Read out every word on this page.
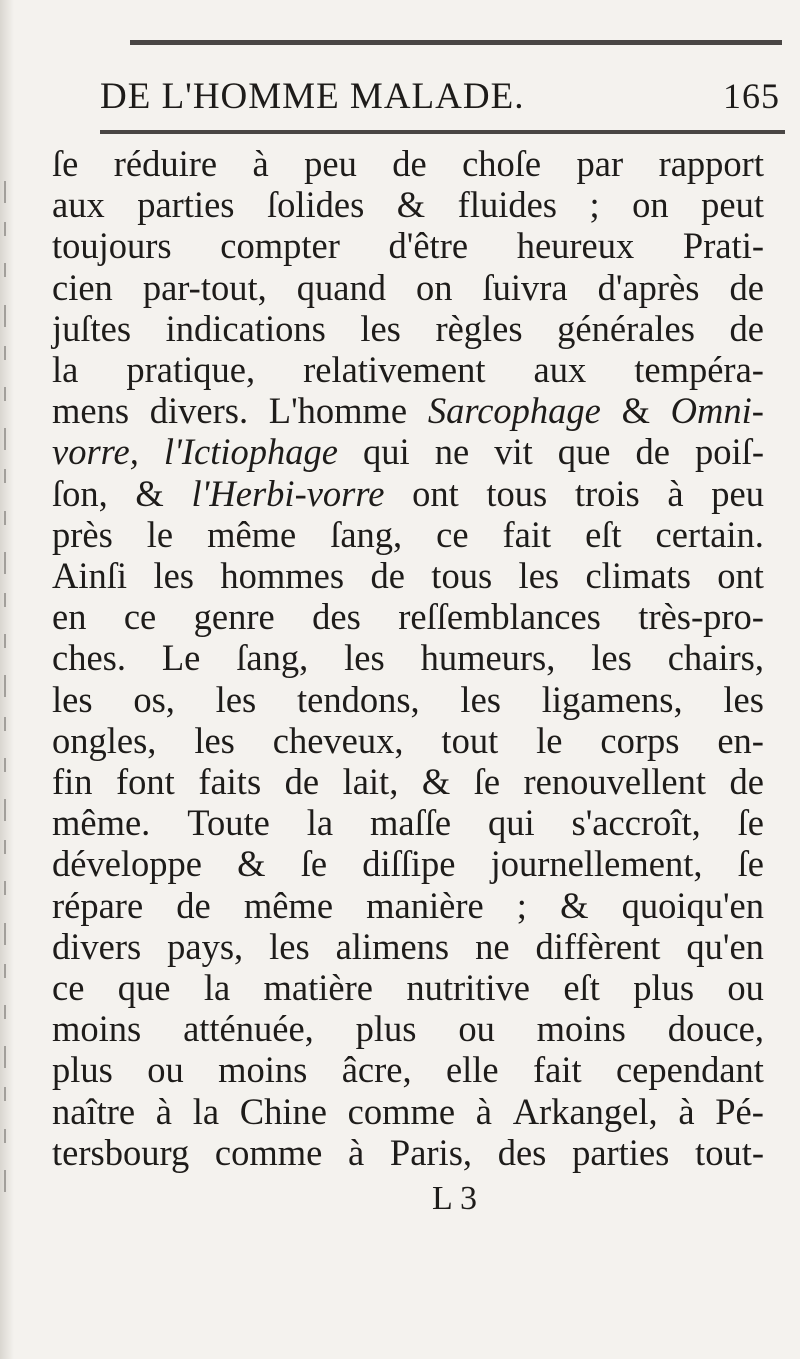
DE L'HOMME MALADE.	165
ſe réduire à peu de choſe par rapport
aux parties ſolides & fluides ; on peut
toujours compter d'être heureux Prati-
cien par-tout, quand on ſuivra d'après de
juſtes indications les règles générales de
la pratique, relativement aux tempéra-
mens divers. L'homme Sarcophage & Omni-
vorre, l'Ictiophage qui ne vit que de poiſ-
ſon, & l'Herbi-vorre ont tous trois à peu
près le même ſang, ce fait eſt certain.
Ainſi les hommes de tous les climats ont
en ce genre des reſſemblances très-pro-
ches. Le ſang, les humeurs, les chairs,
les os, les tendons, les ligamens, les
ongles, les cheveux, tout le corps en-
fin font faits de lait, & ſe renouvellent de
même. Toute la maſſe qui s'accroît, ſe
développe & ſe diſſipe journellement, ſe
répare de même manière ; & quoiqu'en
divers pays, les alimens ne diffèrent qu'en
ce que la matière nutritive eſt plus ou
moins atténuée, plus ou moins douce,
plus ou moins âcre, elle fait cependant
naître à la Chine comme à Arkangel, à Pé-
tersbourg comme à Paris, des parties tout-
L 3
